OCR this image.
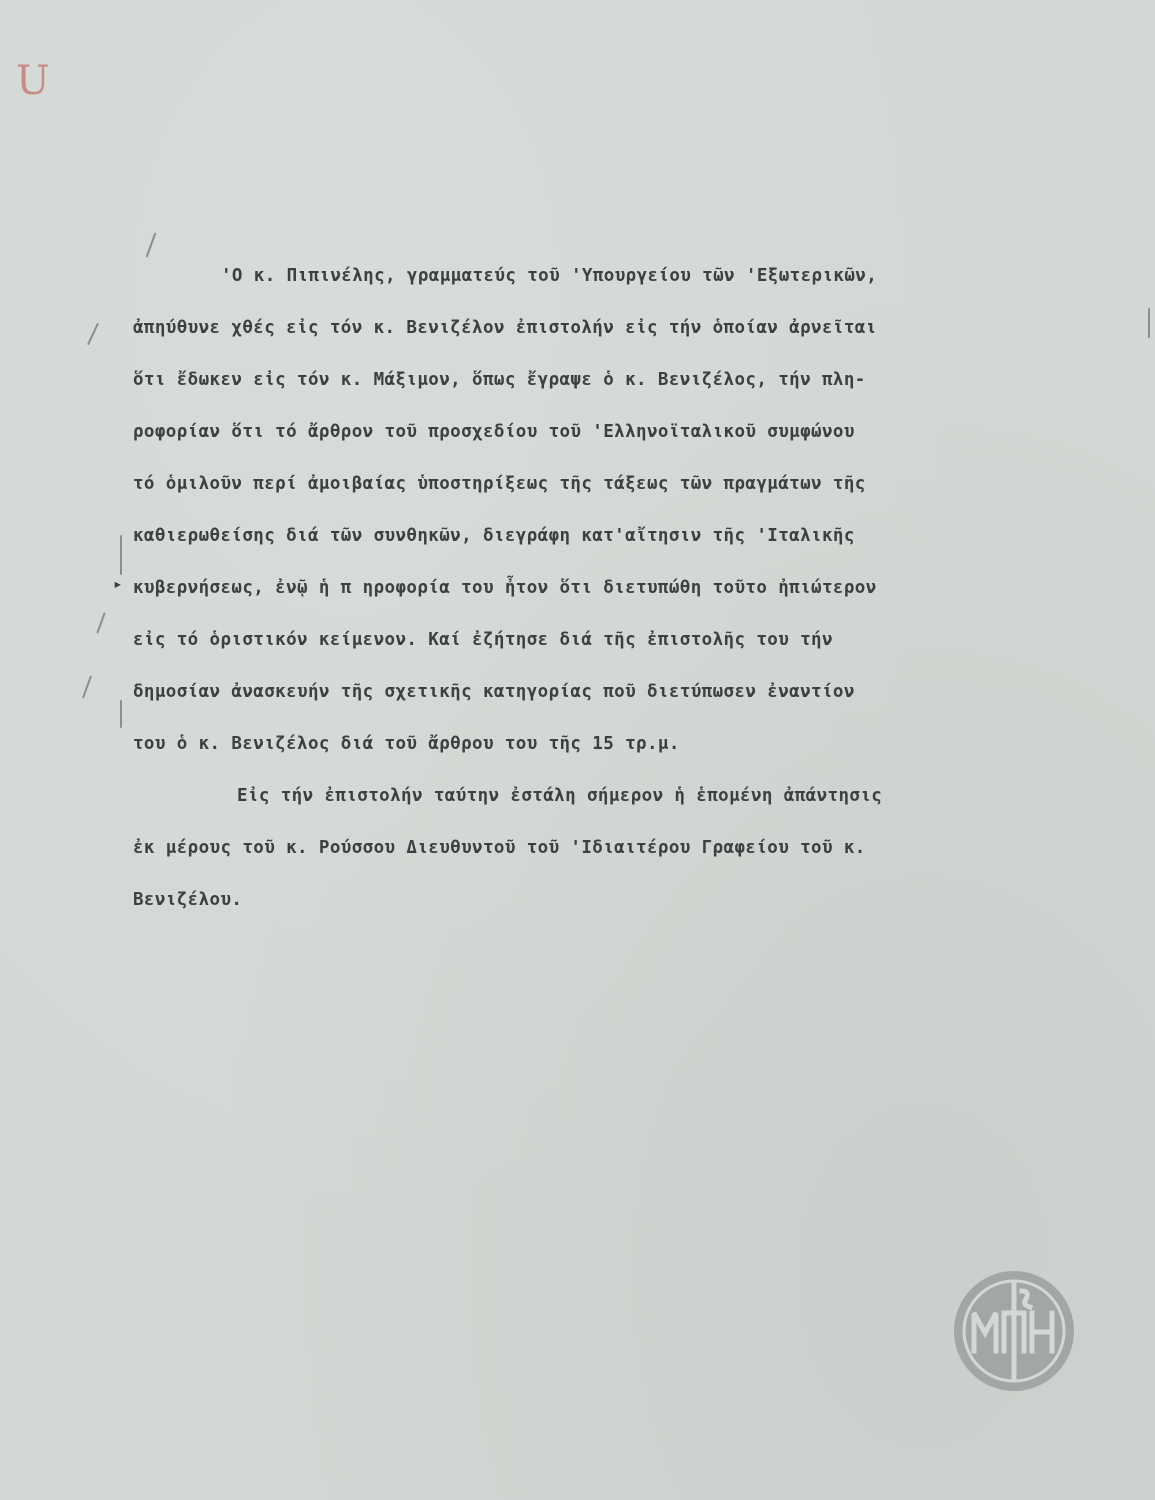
U
▸
'Ο κ. Πιπινέλης, γραμματεύς τοῦ 'Υπουργείου τῶν 'Εξωτερικῶν,
ἀπηύθυνε χθές εἰς τόν κ. Βενιζέλον ἐπιστολήν εἰς τήν ὁποίαν ἀρνεῖται
ὅτι ἔδωκεν εἰς τόν κ. Μάξιμον, ὅπως ἔγραψε ὁ κ. Βενιζέλος, τήν πλη-
ροφορίαν ὅτι τό ἄρθρον τοῦ προσχεδίου τοῦ 'Ελληνοϊταλικοῦ συμφώνου
τό ὁμιλοῦν περί ἀμοιβαίας ὑποστηρίξεως τῆς τάξεως τῶν πραγμάτων τῆς
καθιερωθείσης διά τῶν συνθηκῶν, διεγράφη κατ'αἴτησιν τῆς 'Ιταλικῆς
κυβερνήσεως, ἐνῷ ἡ π ηροφορία του ἦτον ὅτι διετυπώθη τοῦτο ἠπιώτερον
εἰς τό ὁριστικόν κείμενον. Καί ἐζήτησε διά τῆς ἐπιστολῆς του τήν
δημοσίαν ἀνασκευήν τῆς σχετικῆς κατηγορίας ποῦ διετύπωσεν ἐναντίον
του ὁ κ. Βενιζέλος διά τοῦ ἄρθρου του τῆς 15 τρ.μ.
Εἰς τήν ἐπιστολήν ταύτην ἐστάλη σήμερον ἡ ἑπομένη ἀπάντησις
ἐκ μέρους τοῦ κ. Ρούσσου Διευθυντοῦ τοῦ 'Ιδιαιτέρου Γραφείου τοῦ κ.
Βενιζέλου.
